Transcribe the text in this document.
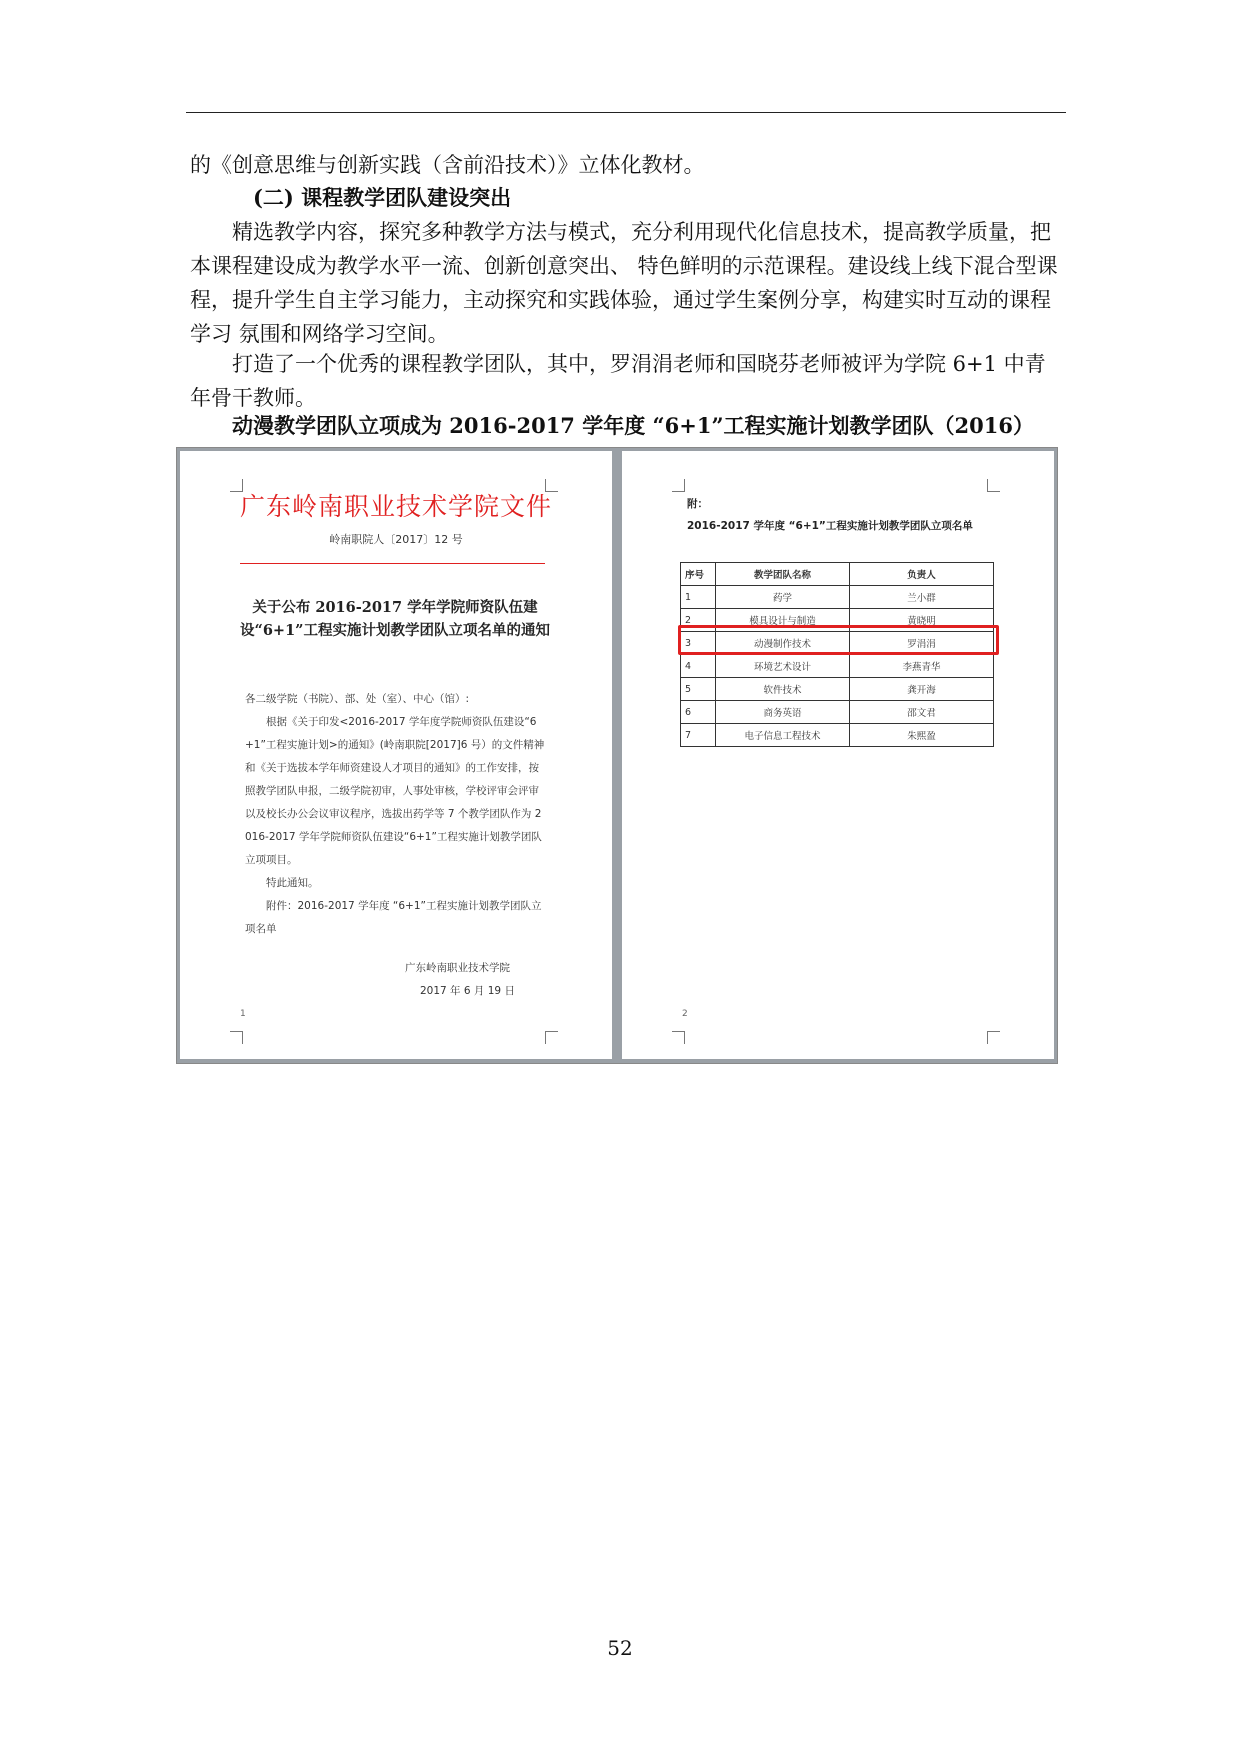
的《创意思维与创新实践（含前沿技术）》立体化教材。
(二) 课程教学团队建设突出
精选教学内容，探究多种教学方法与模式，充分利用现代化信息技术，提高教学质量，把本课程建设成为教学水平一流、创新创意突出、 特色鲜明的示范课程。建设线上线下混合型课程，提升学生自主学习能力，主动探究和实践体验，通过学生案例分享，构建实时互动的课程学习 氛围和网络学习空间。
打造了一个优秀的课程教学团队，其中，罗涓涓老师和国晓芬老师被评为学院 6+1 中青年骨干教师。
动漫教学团队立项成为 2016-2017 学年度 “6+1”工程实施计划教学团队（2016）
广东岭南职业技术学院文件
岭南职院人〔2017〕12 号
关于公布 2016-2017 学年学院师资队伍建设“6+1”工程实施计划教学团队立项名单的通知
各二级学院（书院）、部、处（室）、中心（馆）:
根据《关于印发<2016-2017 学年度学院师资队伍建设“6+1”工程实施计划>的通知》(岭南职院[2017]6 号）的文件精神和《关于选拔本学年师资建设人才项目的通知》的工作安排，按照教学团队申报，二级学院初审，人事处审核，学校评审会评审以及校长办公会议审议程序，选拔出药学等 7 个教学团队作为 2016-2017 学年学院师资队伍建设“6+1”工程实施计划教学团队立项项目。
特此通知。
附件：2016-2017 学年度 “6+1”工程实施计划教学团队立项名单
广东岭南职业技术学院
2017 年 6 月 19 日
1
附：
2016-2017 学年度 “6+1”工程实施计划教学团队立项名单
序号	教学团队名称	负责人
1	药学	兰小群
2	模具设计与制造	黄晓明
3	动漫制作技术	罗涓涓
4	环境艺术设计	李燕青华
5	软件技术	龚开海
6	商务英语	邵文君
7	电子信息工程技术	朱熙盈
2
52
